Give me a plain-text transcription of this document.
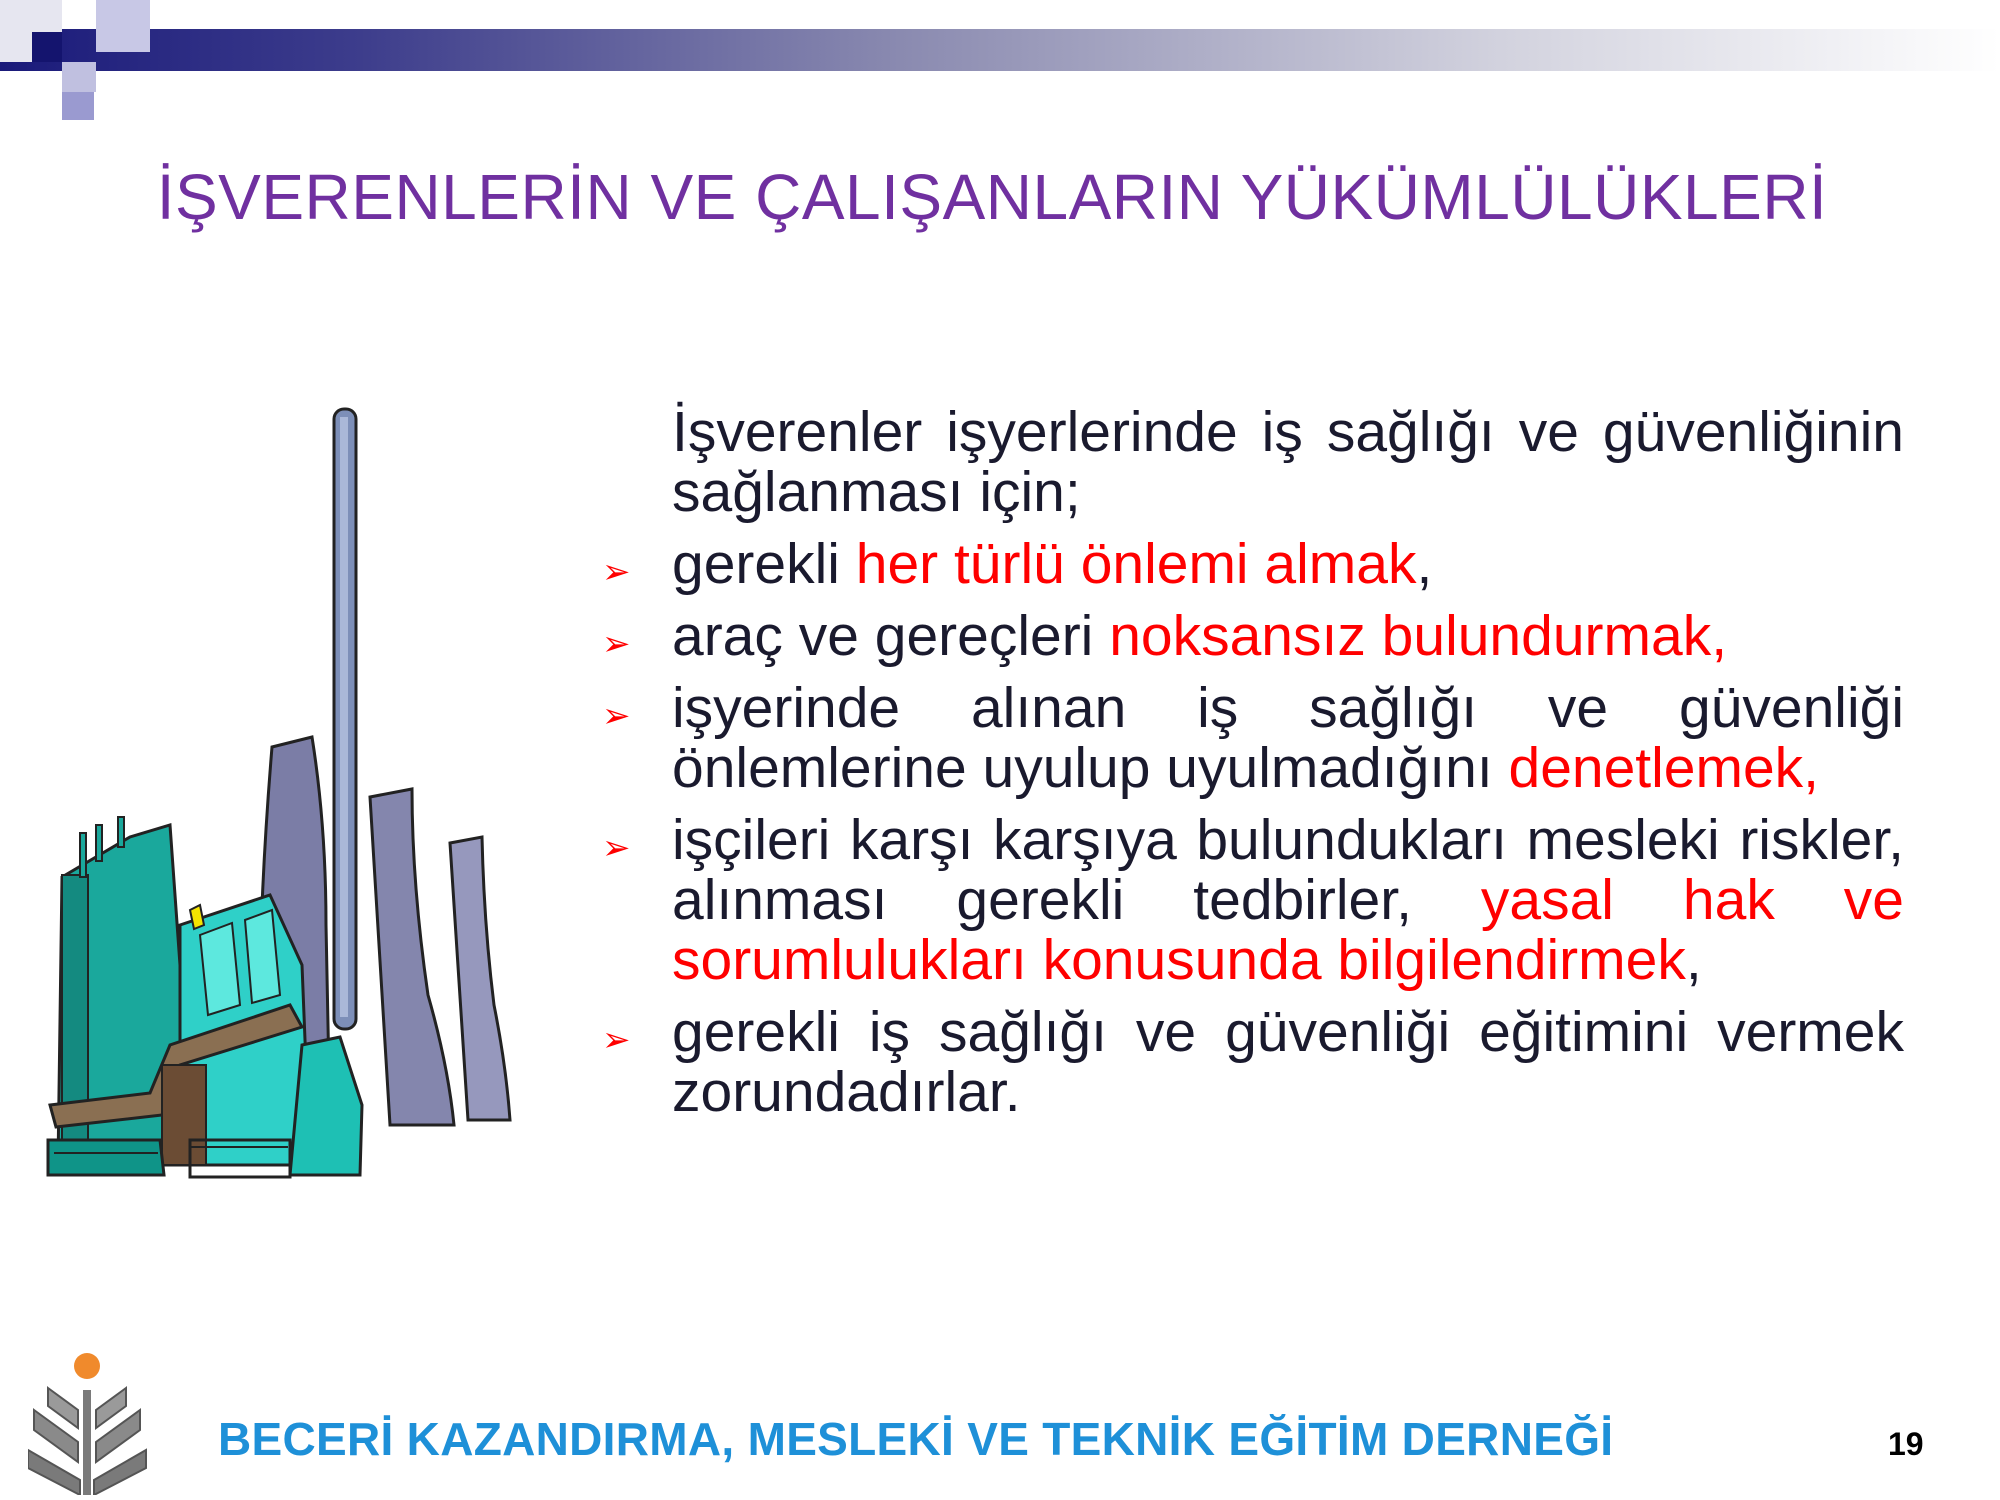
İŞVERENLERİN VE ÇALIŞANLARIN YÜKÜMLÜLÜKLERİ
İşverenler işyerlerinde iş sağlığı ve güvenliğinin sağlanması için;
➢ gerekli her türlü önlemi almak,
➢ araç ve gereçleri noksansız bulundurmak,
➢ işyerinde alınan iş sağlığı ve güvenliği önlemlerine uyulup uyulmadığını denetlemek,
➢ işçileri karşı karşıya bulundukları mesleki riskler, alınması gerekli tedbirler, yasal hak ve sorumlulukları konusunda bilgilendirmek,
➢ gerekli iş sağlığı ve güvenliği eğitimini vermek zorundadırlar.
BECERİ KAZANDIRMA, MESLEKİ VE TEKNİK EĞİTİM DERNEĞİ	19
